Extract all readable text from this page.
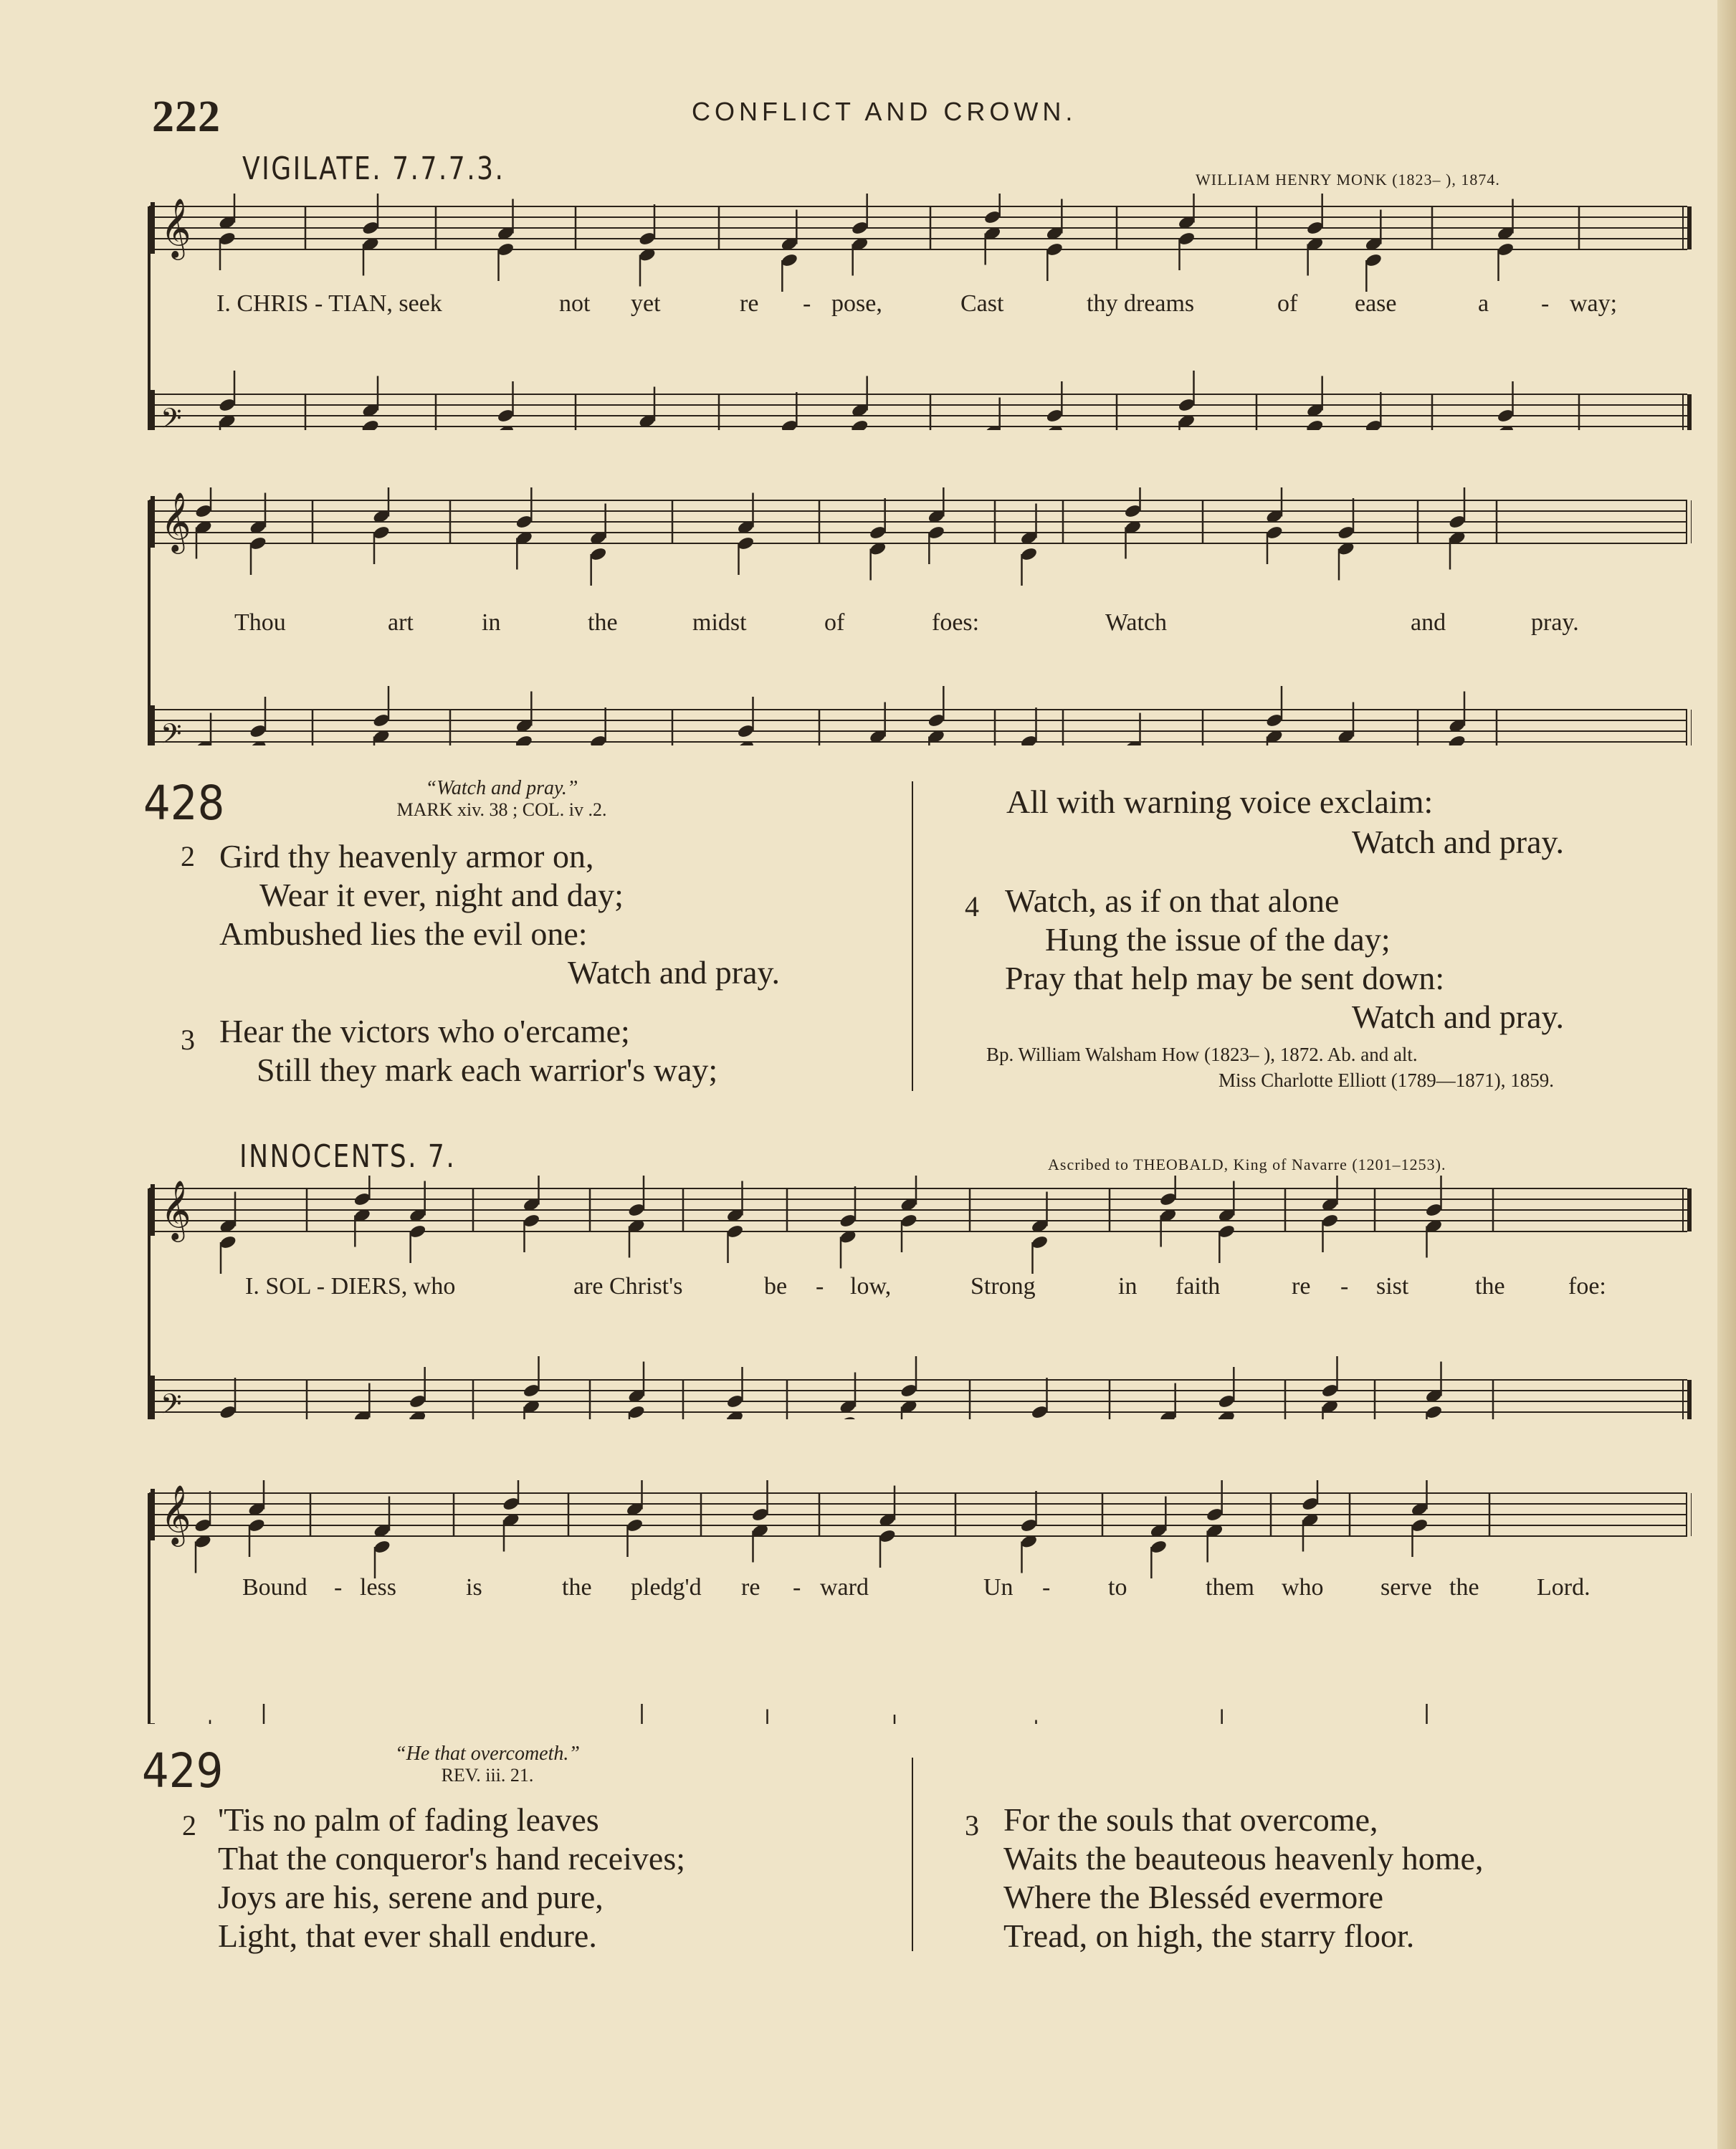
222	CONFLICT AND CROWN.
VIGILATE. 7.7.7.3.	WILLIAM HENRY MONK (1823– ), 1874.
𝄞
𝄢
I. CHRIS - TIAN, seek	not yet	re - pose,	Cast	thy dreams	of ease	a - way;
𝄞
𝄢
Thou	art	in	the	midst	of	foes:	Watch	and	pray.
428	“Watch and pray.”
MARK xiv. 38 ; COL. iv .2.
2 Gird thy heavenly armor on,
Wear it ever, night and day;
Ambushed lies the evil one:
Watch and pray.
3 Hear the victors who o'ercame;
Still they mark each warrior's way;
All with warning voice exclaim:
Watch and pray.
4 Watch, as if on that alone
Hung the issue of the day;
Pray that help may be sent down:
Watch and pray.
Bp. William Walsham How (1823– ), 1872. Ab. and alt.
Miss Charlotte Elliott (1789—1871), 1859.
INNOCENTS. 7.	Ascribed to THEOBALD, King of Navarre (1201–1253).
𝄞
𝄢
I. SOL - DIERS, who	are Christ's	be - low,	Strong	in faith	re - sist	the	foe:
𝄞
Bound - less	is	the pledg'd re - ward	Un - to	them who serve the Lord.
429	“He that overcometh.”
REV. iii. 21.
2 'Tis no palm of fading leaves
That the conqueror's hand receives;
Joys are his, serene and pure,
Light, that ever shall endure.
3 For the souls that overcome,
Waits the beauteous heavenly home,
Where the Blesséd evermore
Tread, on high, the starry floor.
